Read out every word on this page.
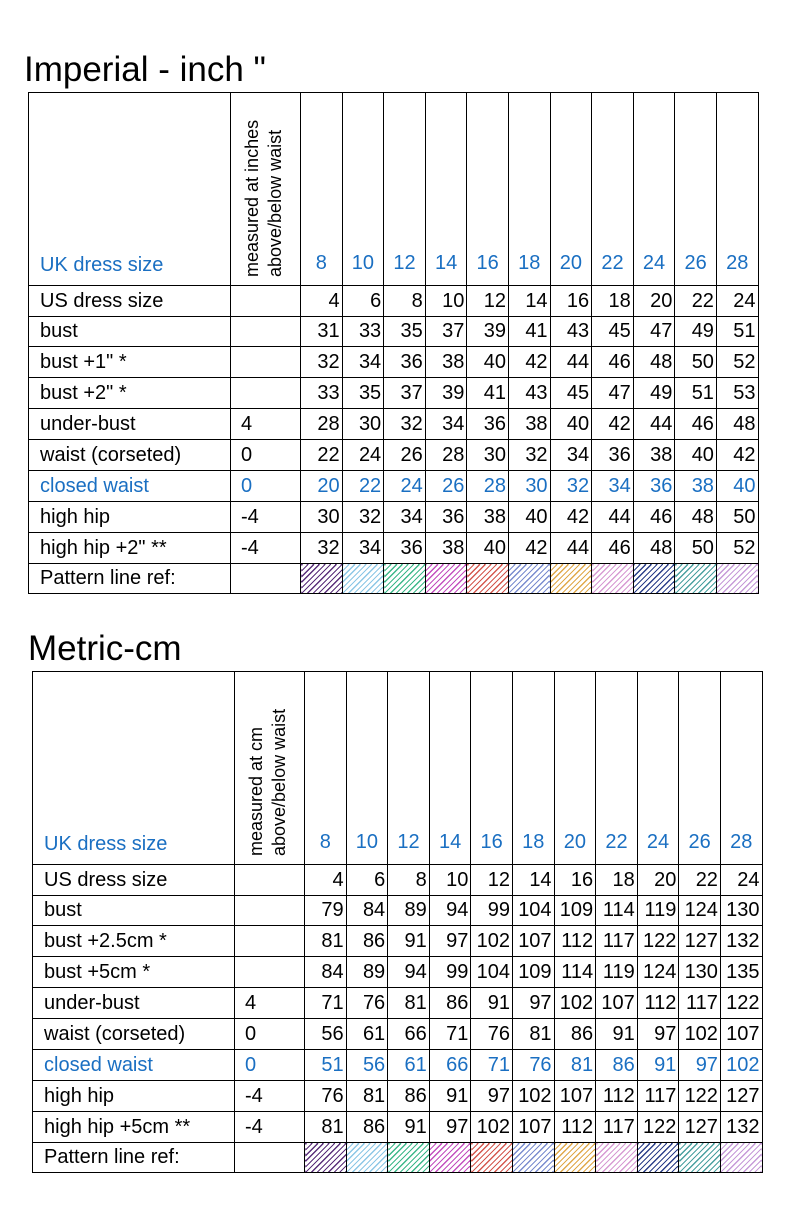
Imperial - inch "
UK dress size	measured at inches above/below waist	8	10	12	14	16	18	20	22	24	26	28
US dress size		4	6	8	10	12	14	16	18	20	22	24
bust		31	33	35	37	39	41	43	45	47	49	51
bust +1" *		32	34	36	38	40	42	44	46	48	50	52
bust +2" *		33	35	37	39	41	43	45	47	49	51	53
under-bust	4	28	30	32	34	36	38	40	42	44	46	48
waist (corseted)	0	22	24	26	28	30	32	34	36	38	40	42
closed waist	0	20	22	24	26	28	30	32	34	36	38	40
high hip	-4	30	32	34	36	38	40	42	44	46	48	50
high hip +2" **	-4	32	34	36	38	40	42	44	46	48	50	52
Pattern line ref:												
Metric-cm
UK dress size	measured at cm above/below waist	8	10	12	14	16	18	20	22	24	26	28
US dress size		4	6	8	10	12	14	16	18	20	22	24
bust		79	84	89	94	99	104	109	114	119	124	130
bust +2.5cm *		81	86	91	97	102	107	112	117	122	127	132
bust +5cm *		84	89	94	99	104	109	114	119	124	130	135
under-bust	4	71	76	81	86	91	97	102	107	112	117	122
waist (corseted)	0	56	61	66	71	76	81	86	91	97	102	107
closed waist	0	51	56	61	66	71	76	81	86	91	97	102
high hip	-4	76	81	86	91	97	102	107	112	117	122	127
high hip +5cm **	-4	81	86	91	97	102	107	112	117	122	127	132
Pattern line ref:												
